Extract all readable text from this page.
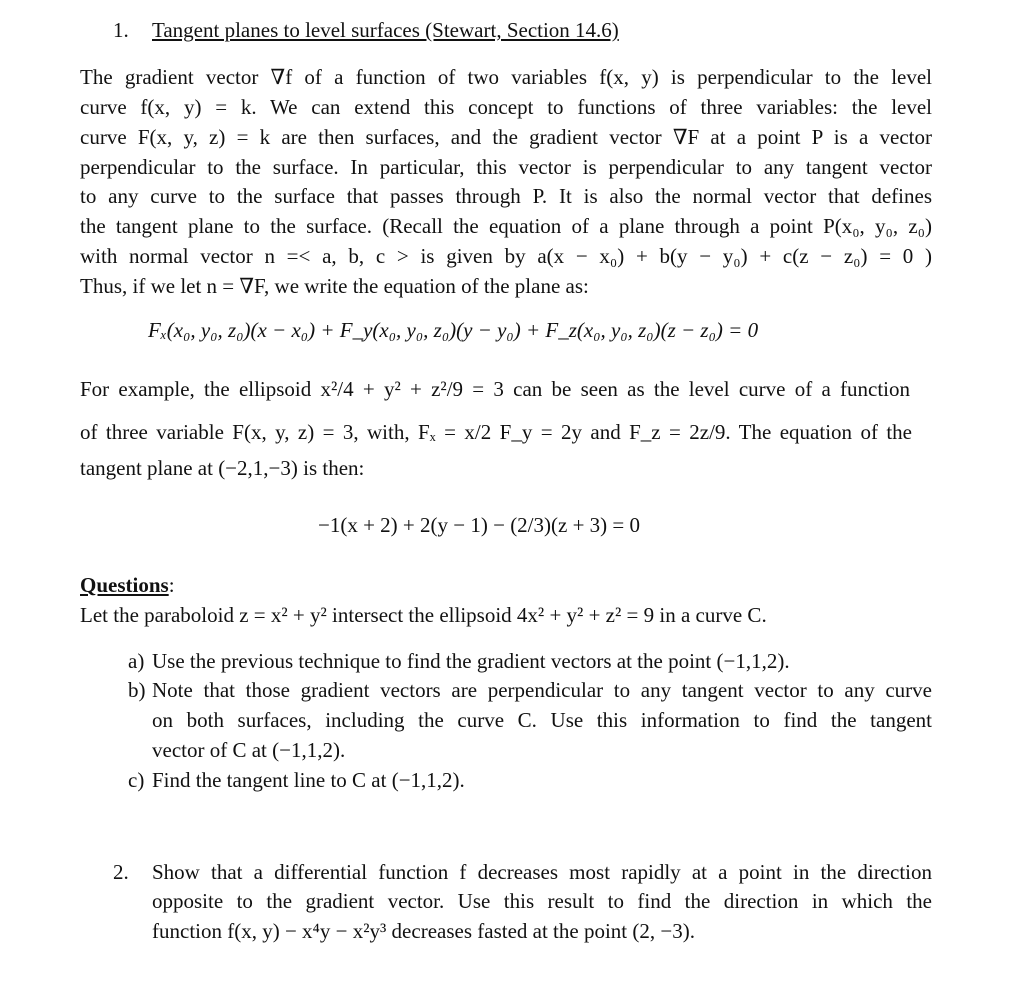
1. Tangent planes to level surfaces (Stewart, Section 14.6)
The gradient vector ∇f of a function of two variables f(x, y) is perpendicular to the level
curve f(x, y) = k. We can extend this concept to functions of three variables: the level
curve F(x, y, z) = k are then surfaces, and the gradient vector ∇F at a point P is a vector
perpendicular to the surface. In particular, this vector is perpendicular to any tangent vector
to any curve to the surface that passes through P. It is also the normal vector that defines
the tangent plane to the surface. (Recall the equation of a plane through a point P(x₀, y₀, z₀)
with normal vector n =< a, b, c > is given by a(x − x₀) + b(y − y₀) + c(z − z₀) = 0 )
Thus, if we let n = ∇F, we write the equation of the plane as:
Fₓ(x₀, y₀, z₀)(x − x₀) + F_y(x₀, y₀, z₀)(y − y₀) + F_z(x₀, y₀, z₀)(z − z₀) = 0
For example, the ellipsoid x²/4 + y² + z²/9 = 3 can be seen as the level curve of a function
of three variable F(x, y, z) = 3, with, Fₓ = x/2 F_y = 2y and F_z = 2z/9. The equation of the
tangent plane at (−2,1,−3) is then:
−1(x + 2) + 2(y − 1) − (2/3)(z + 3) = 0
Questions:
Let the paraboloid z = x² + y² intersect the ellipsoid 4x² + y² + z² = 9 in a curve C.
a) Use the previous technique to find the gradient vectors at the point (−1,1,2).
b) Note that those gradient vectors are perpendicular to any tangent vector to any curve
on both surfaces, including the curve C. Use this information to find the tangent
vector of C at (−1,1,2).
c) Find the tangent line to C at (−1,1,2).
2. Show that a differential function f decreases most rapidly at a point in the direction
opposite to the gradient vector. Use this result to find the direction in which the
function f(x, y) − x⁴y − x²y³ decreases fasted at the point (2, −3).
